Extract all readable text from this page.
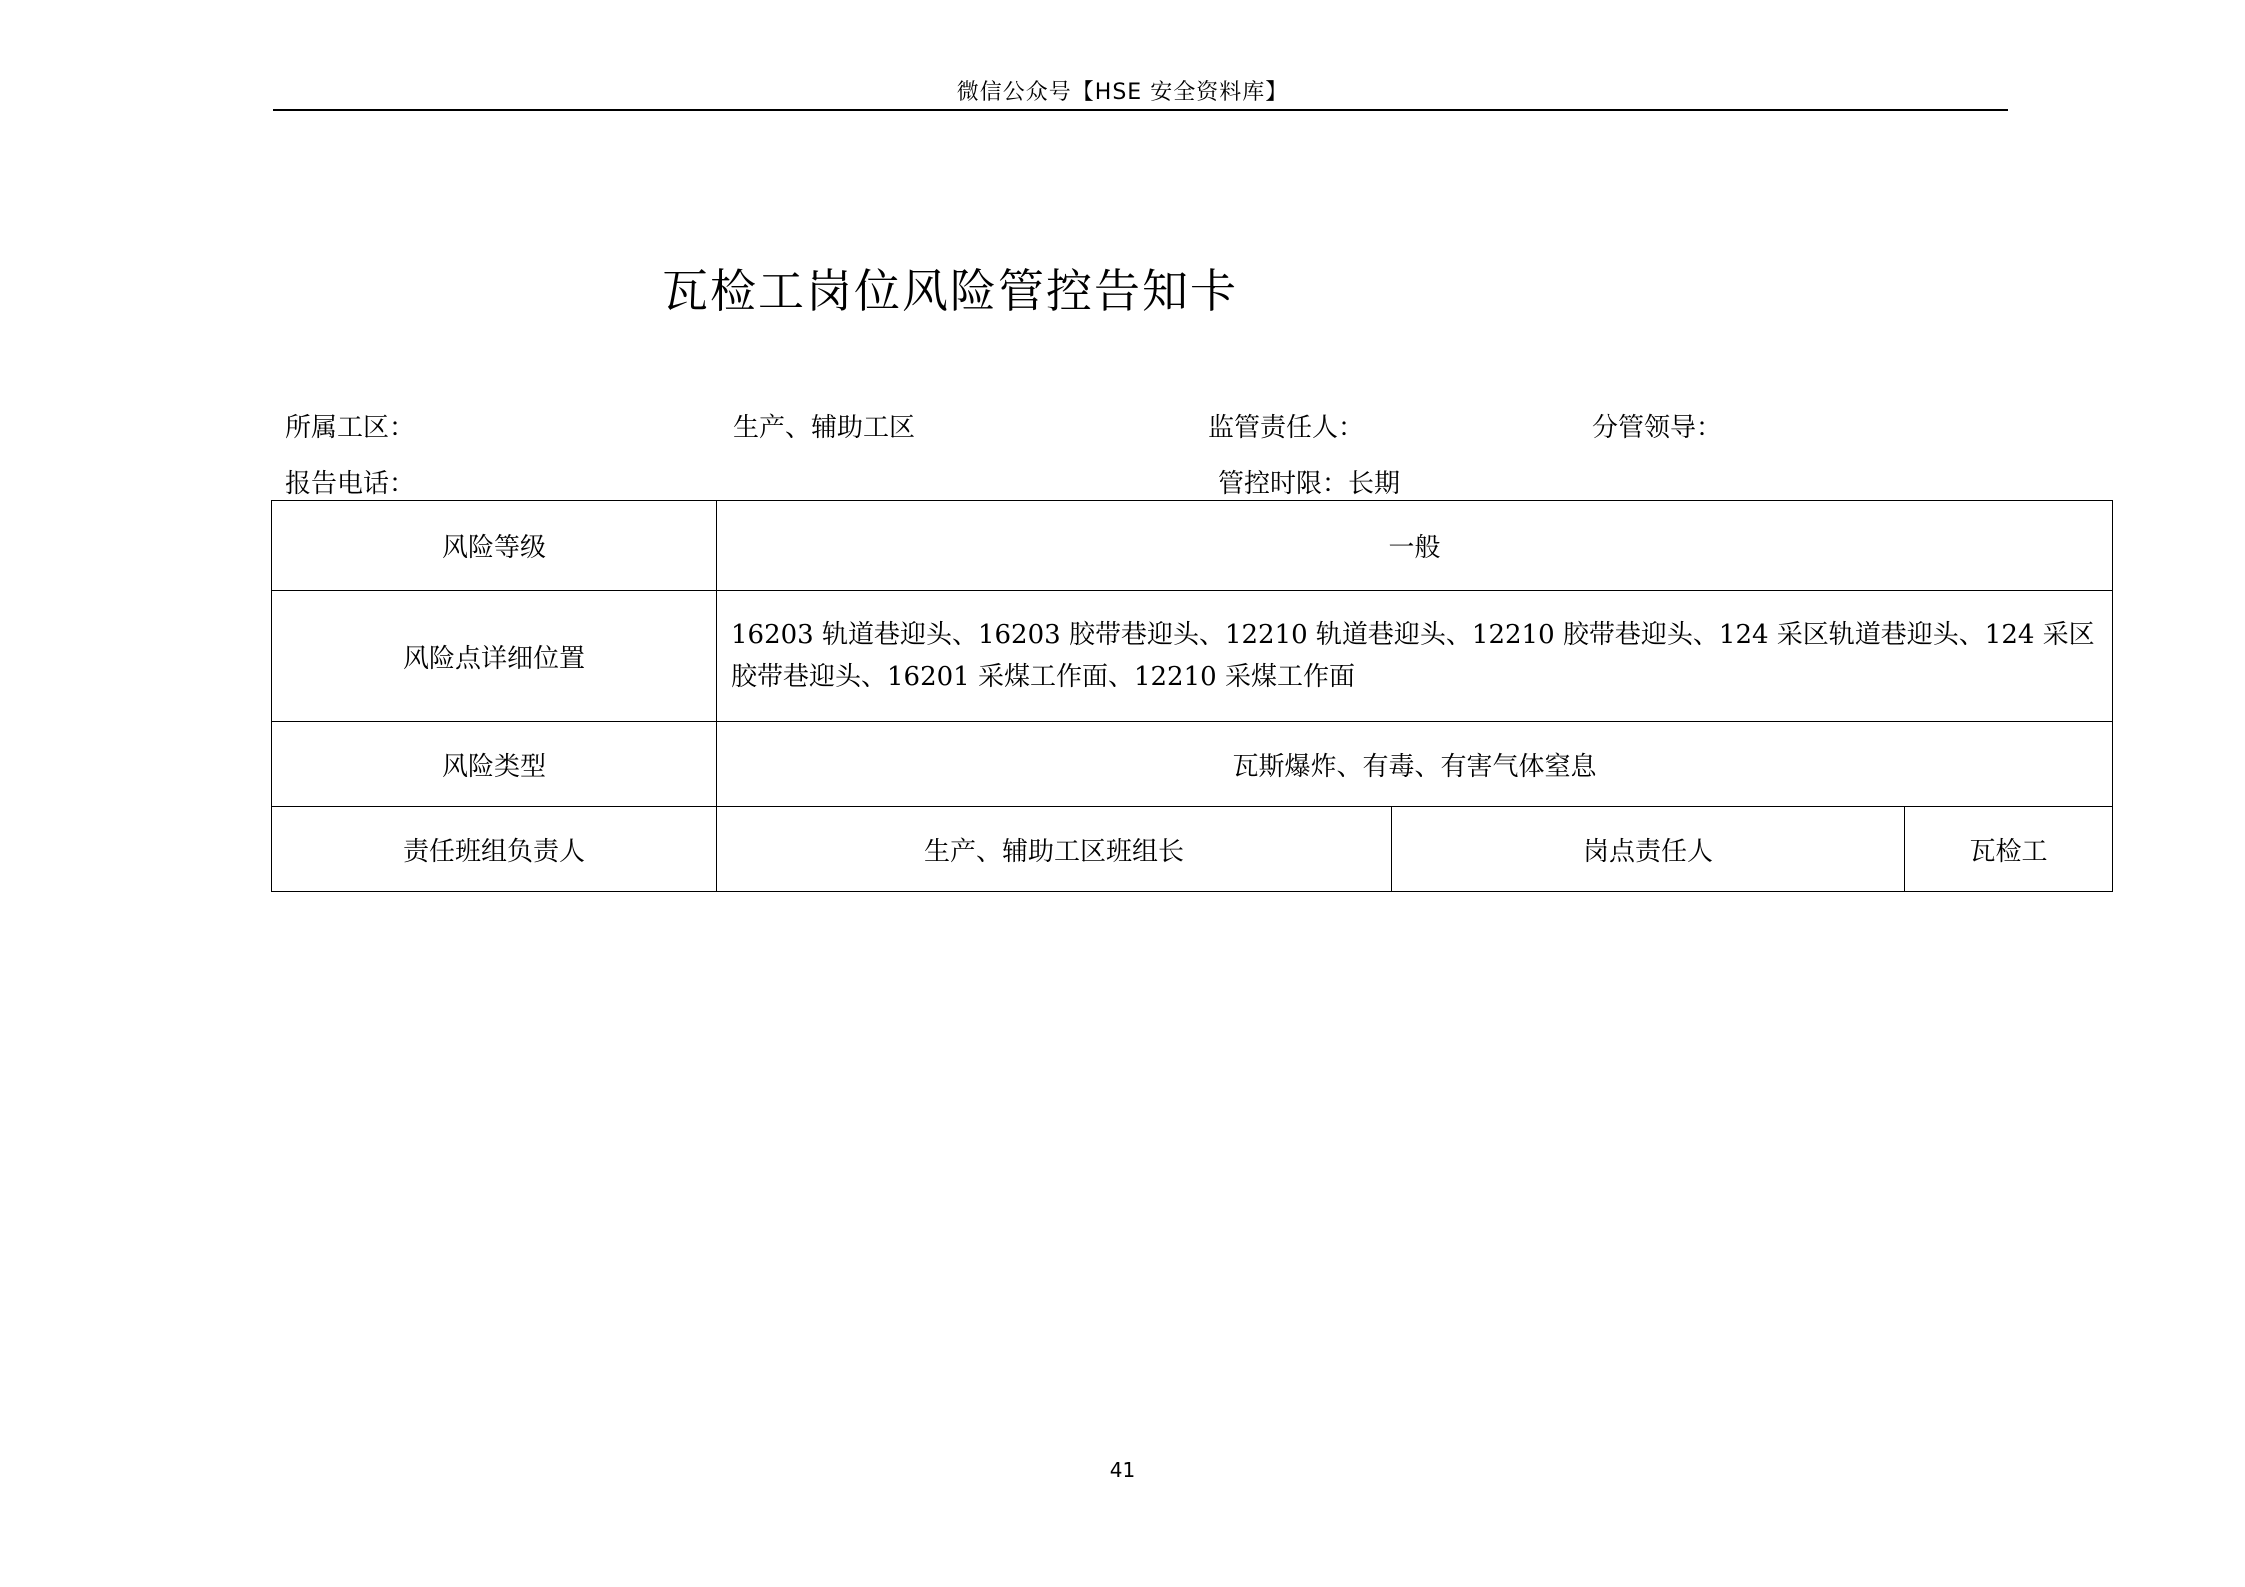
微信公众号【HSE 安全资料库】
瓦检工岗位风险管控告知卡
所属工区：	生产、辅助工区	监管责任人：	分管领导：
报告电话：	管控时限：长期
风险等级	一般		
风险点详细位置	16203 轨道巷迎头、16203 胶带巷迎头、12210 轨道巷迎头、12210 胶带巷迎头、124 采区轨道巷迎头、124 采区胶带巷迎头、16201 采煤工作面、12210 采煤工作面		
风险类型	瓦斯爆炸、有毒、有害气体窒息		
责任班组负责人	生产、辅助工区班组长	岗点责任人	瓦检工
41
